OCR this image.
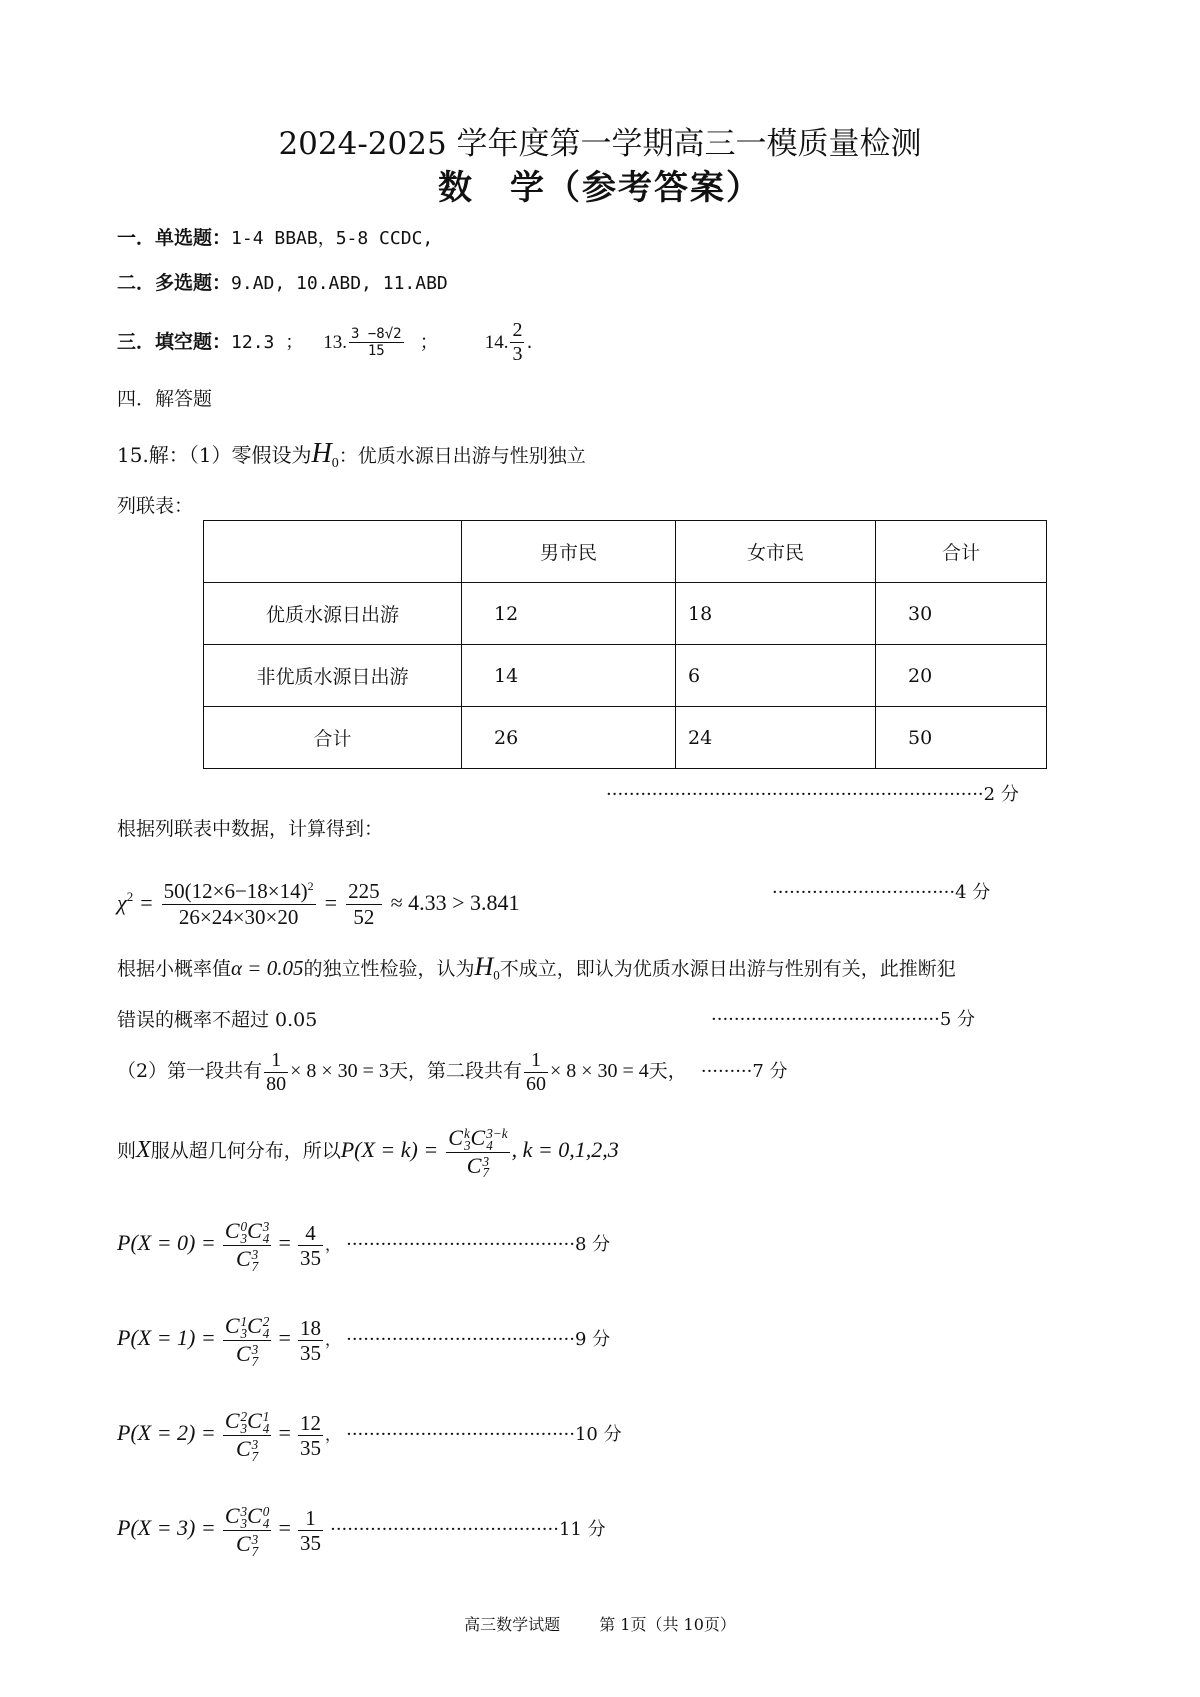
2024-2025 学年度第一学期高三一模质量检测
数　学（参考答案）
一．单选题：1-4 BBAB，5-8 CCDC,
二．多选题：9.AD, 10.ABD, 11.ABD
三．填空题：12.3 ； 13. $\frac{3 -8√2}{15}$ ； 14. $\frac{2}{3}$ .
四．解答题
15.解：（1）零假设为$H_0$：优质水源日出游与性别独立
列联表：
	男市民	女市民	合计
优质水源日出游	12	18	30
非优质水源日出游	14	6	20
合计	26	24	50
··································································2 分
根据列联表中数据，计算得到：
$\chi^2 = \frac{50(12\times 6-18\times 14)^2}{26\times 24\times 30\times 20} = \frac{225}{52} \approx 4.33 > 3.841$	································4 分
根据小概率值α = 0.05的独立性检验，认为$H_0$不成立，即认为优质水源日出游与性别有关，此推断犯
错误的概率不超过 0.05	········································5 分
（2）第一段共有 $\frac{1}{80} \times 8 \times 30 = 3$天，第二段共有 $\frac{1}{60} \times 8 \times 30 = 4$天， ·········7 分
则X服从超几何分布，所以P(X = k) = C k
3 C 3−k
4
C 3
7 , k = 0,1,2,3
P(X = 0) = C 0
3 C 3
4
C 3
$7 = \frac{4}{35}$ ， ········································8 分
P(X = 1) = C 1
3 C 2
4
C 3
$7 = \frac{18}{35}$ ， ········································9 分
P(X = 2) = C 2
3 C 1
4
C 3
$7 = \frac{12}{35}$ ， ········································10 分
P(X = 3) = C 3
3 C 0
4
C 3
$7 = \frac{1}{35} \cdot\cdot\cdot\cdot\cdot\cdot\cdot\cdot\cdot\cdot\cdot\cdot\cdot\cdot\cdot\cdot\cdot\cdot\cdot\cdot\cdot\cdot\cdot\cdot\cdot\cdot\cdot\cdot\cdot\cdot\cdot\cdot\cdot\cdot\cdot\cdot\cdot\cdot\cdot\cdot 11$ 分
高三数学试题 第 1页（共 10页）
